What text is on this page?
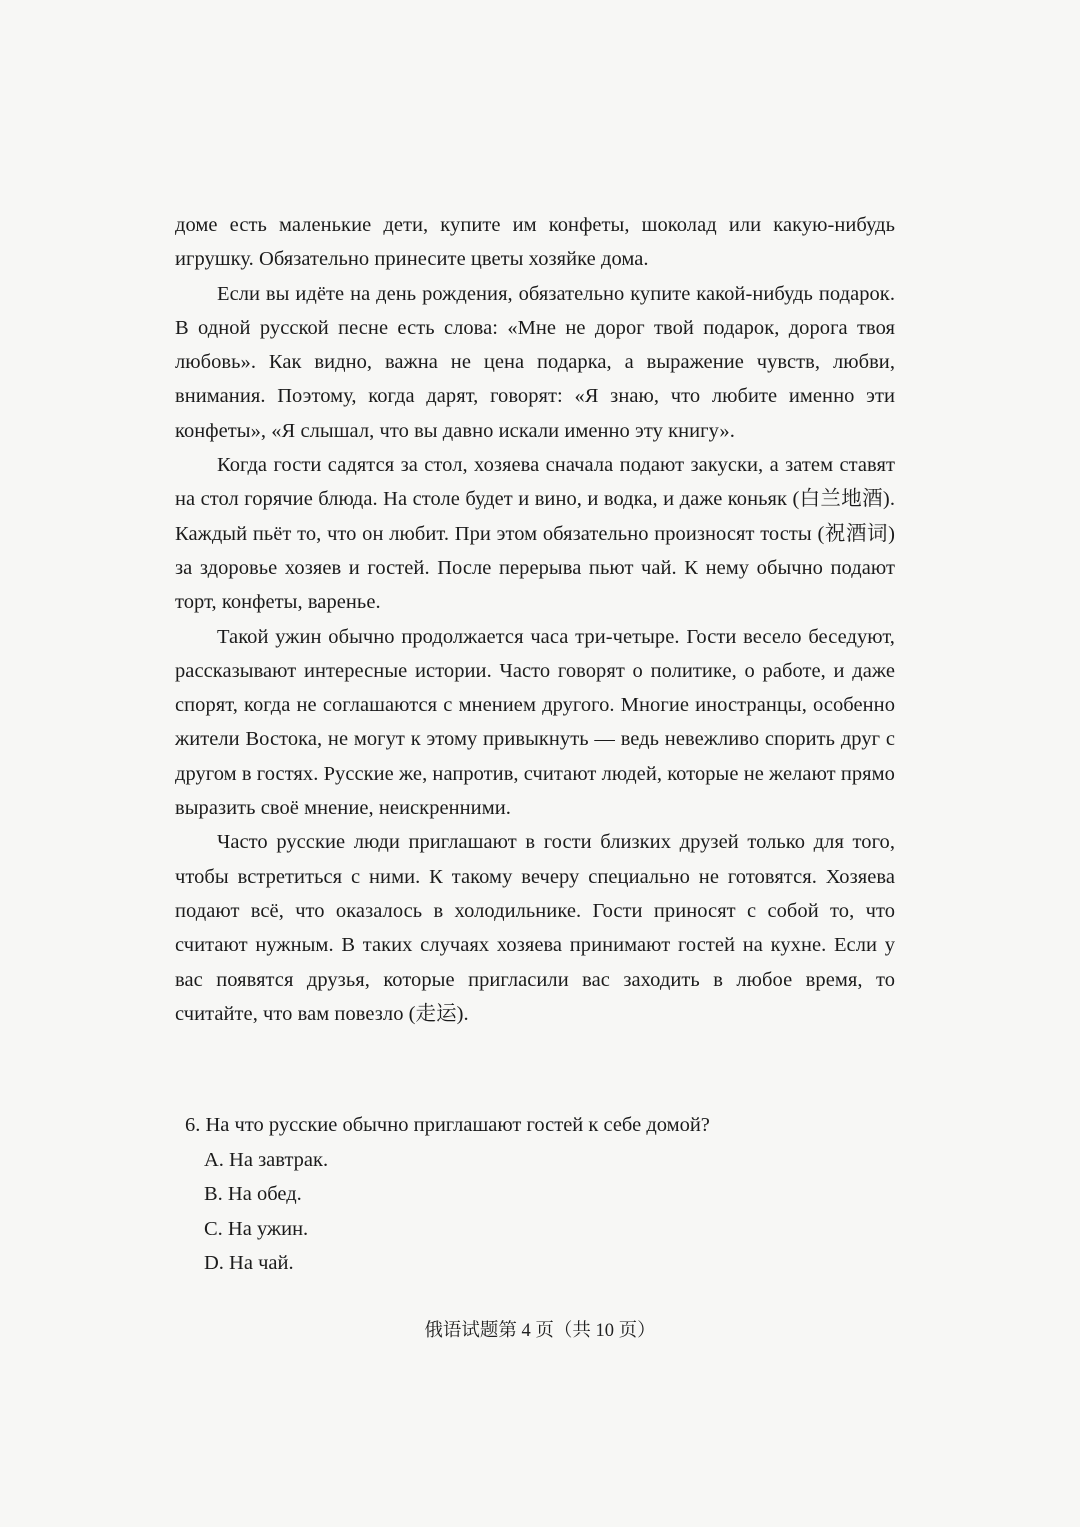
доме есть маленькие дети, купите им конфеты, шоколад или какую-нибудь игрушку. Обязательно принесите цветы хозяйке дома.

Если вы идёте на день рождения, обязательно купите какой-нибудь подарок. В одной русской песне есть слова: «Мне не дорог твой подарок, дорога твоя любовь». Как видно, важна не цена подарка, а выражение чувств, любви, внимания. Поэтому, когда дарят, говорят: «Я знаю, что любите именно эти конфеты», «Я слышал, что вы давно искали именно эту книгу».

Когда гости садятся за стол, хозяева сначала подают закуски, а затем ставят на стол горячие блюда. На столе будет и вино, и водка, и даже коньяк (白兰地酒). Каждый пьёт то, что он любит. При этом обязательно произносят тосты (祝酒词) за здоровье хозяев и гостей. После перерыва пьют чай. К нему обычно подают торт, конфеты, варенье.

Такой ужин обычно продолжается часа три-четыре. Гости весело беседуют, рассказывают интересные истории. Часто говорят о политике, о работе, и даже спорят, когда не соглашаются с мнением другого. Многие иностранцы, особенно жители Востока, не могут к этому привыкнуть — ведь невежливо спорить друг с другом в гостях. Русские же, напротив, считают людей, которые не желают прямо выразить своё мнение, неискренними.

Часто русские люди приглашают в гости близких друзей только для того, чтобы встретиться с ними. К такому вечеру специально не готовятся. Хозяева подают всё, что оказалось в холодильнике. Гости приносят с собой то, что считают нужным. В таких случаях хозяева принимают гостей на кухне. Если у вас появятся друзья, которые пригласили вас заходить в любое время, то считайте, что вам повезло (走运).

6. На что русские обычно приглашают гостей к себе домой?

A. На завтрак.
B. На обед.
C. На ужин.
D. На чай.
俄语试题第 4 页（共 10 页）
